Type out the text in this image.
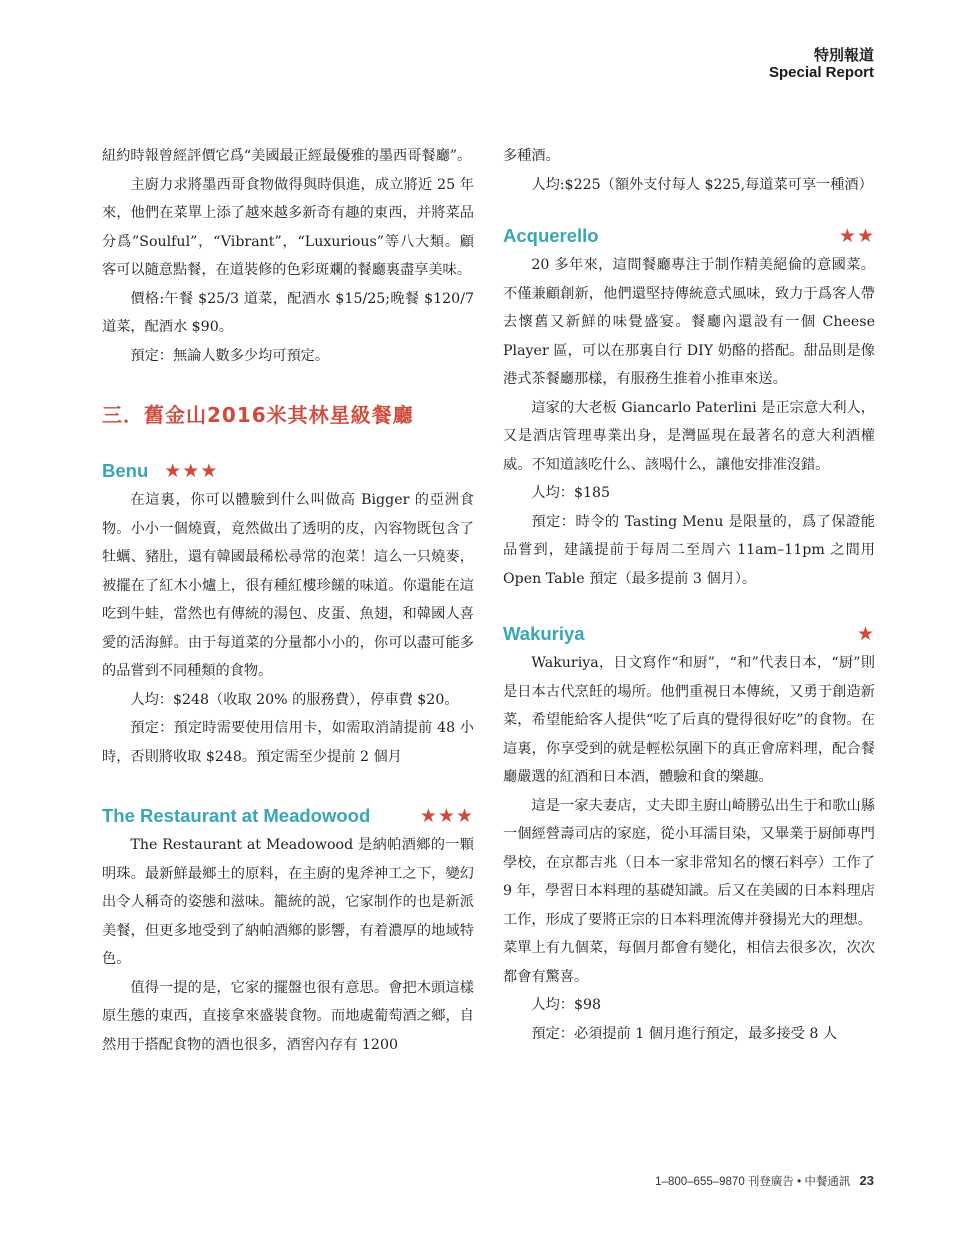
特別報道
Special Report

紐約時報曾經評價它爲“美國最正經最優雅的墨西哥餐廳”。

主廚力求將墨西哥食物做得與時俱進，成立將近 25 年來，他們在菜單上添了越來越多新奇有趣的東西，并將菜品分爲”Soulful”，“Vibrant”，“Luxurious”等八大類。顧客可以隨意點餐，在道裝修的色彩斑斕的餐廳裏盡享美味。

價格:午餐 $25/3 道菜，配酒水 $15/25;晚餐 $120/7 道菜，配酒水 $90。

預定：無論人數多少均可預定。

三．舊金山2016米其林星級餐廳
Benu ★★★

在這裏，你可以體驗到什么叫做高 Bigger 的亞洲食物。小小一個燒賣，竟然做出了透明的皮，內容物既包含了牡蠣、豬肚，還有韓國最稀松尋常的泡菜！這么一只燒麥，被擺在了紅木小爐上，很有種紅樓珍饈的味道。你還能在這吃到牛蛙，當然也有傳統的湯包、皮蛋、魚翅，和韓國人喜愛的活海鮮。由于每道菜的分量都小小的，你可以盡可能多的品嘗到不同種類的食物。

人均：$248（收取 20% 的服務費），停車費 $20。

預定：預定時需要使用信用卡，如需取消請提前 48 小時，否則將收取 $248。預定需至少提前 2 個月

The Restaurant at Meadowood	★★★

The Restaurant at Meadowood 是納帕酒鄉的一顆明珠。最新鮮最鄉土的原料，在主廚的鬼斧神工之下，變幻出令人稱奇的姿態和滋味。籠統的説，它家制作的也是新派美餐，但更多地受到了納帕酒鄉的影響，有着濃厚的地域特色。

值得一提的是，它家的擺盤也很有意思。會把木頭這樣原生態的東西，直接拿來盛裝食物。而地處葡萄酒之鄉，自然用于搭配食物的酒也很多，酒窖內存有 1200

多種酒。

人均:$225（額外支付每人 $225,每道菜可享一種酒）

Acquerello	★★

20 多年來，這間餐廳專注于制作精美絕倫的意國菜。不僅兼顧創新，他們還堅持傳統意式風味，致力于爲客人帶去懷舊又新鮮的味覺盛宴。餐廳內還設有一個 Cheese Player 區，可以在那裏自行 DIY 奶酪的搭配。甜品則是像港式茶餐廳那樣，有服務生推着小推車來送。

這家的大老板 Giancarlo Paterlini 是正宗意大利人，又是酒店管理專業出身，是灣區現在最著名的意大利酒權威。不知道該吃什么、該喝什么，讓他安排准沒錯。

人均：$185

預定：時令的 Tasting Menu 是限量的，爲了保證能品嘗到，建議提前于每周二至周六 11am–11pm 之間用 Open Table 預定（最多提前 3 個月）。

Wakuriya	★

Wakuriya，日文寫作“和厨”，“和”代表日本，“厨”則是日本古代烹飪的場所。他們重視日本傳統，又勇于創造新菜，希望能給客人提供“吃了后真的覺得很好吃”的食物。在這裏，你享受到的就是輕松氛圍下的真正會席料理，配合餐廳嚴選的紅酒和日本酒，體驗和食的樂趣。

這是一家夫妻店，丈夫即主廚山崎勝弘出生于和歌山縣一個經營壽司店的家庭，從小耳濡目染，又畢業于厨師專門學校，在京都吉兆（日本一家非常知名的懷石料亭）工作了 9 年，學習日本料理的基礎知識。后又在美國的日本料理店工作，形成了要將正宗的日本料理流傳并發揚光大的理想。

菜單上有九個菜，每個月都會有變化，相信去很多次，次次都會有驚喜。

人均：$98

預定：必須提前 1 個月進行預定，最多接受 8 人

1–800–655–9870 刊登廣告 • 中餐通訊 23
